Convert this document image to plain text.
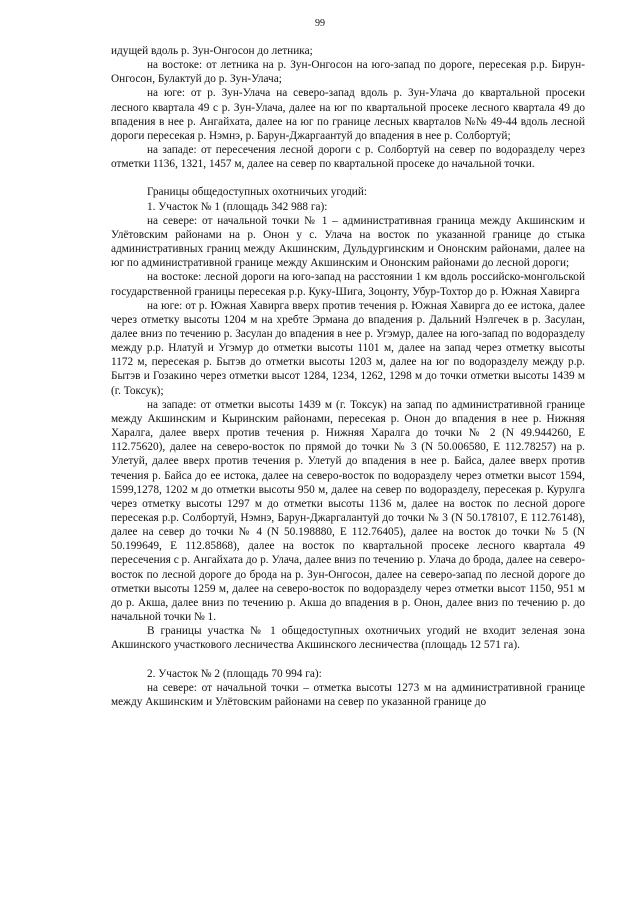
99

идущей вдоль р. Зун-Онгосон до летника;

на востоке: от летника на р. Зун-Онгосон на юго-запад по дороге, пересекая р.р. Бирун-Онгосон, Булактуй до р. Зун-Улача;

на юге: от р. Зун-Улача на северо-запад вдоль р. Зун-Улача до квартальной просеки лесного квартала 49 с р. Зун-Улача, далее на юг по квартальной просеке лесного квартала 49 до впадения в нее р. Ангайхата, далее на юг по границе лесных кварталов №№ 49-44 вдоль лесной дороги пересекая р. Нэмнэ, р. Барун-Джаргаантуй до впадения в нее р. Солбортуй;

на западе: от пересечения лесной дороги с р. Солбортуй на север по водоразделу через отметки 1136, 1321, 1457 м, далее на север по квартальной просеке до начальной точки.

Границы общедоступных охотничьих угодий:

1. Участок № 1 (площадь 342 988 га):

на севере: от начальной точки № 1 – административная граница между Акшинским и Улётовским районами на р. Онон у с. Улача на восток по указанной границе до стыка административных границ между Акшинским, Дульдургинским и Ононским районами, далее на юг по административной границе между Акшинским и Ононским районами до лесной дороги;

на востоке: лесной дороги на юго-запад на расстоянии 1 км вдоль российско-монгольской государственной границы пересекая р.р. Куку-Шига, Зоцонту, Убур-Тохтор до р. Южная Хавирга

на юге: от р. Южная Хавирга вверх против течения р. Южная Хавирга до ее истока, далее через отметку высоты 1204 м на хребте Эрмана до впадения р. Дальний Нэлгечек в р. Засулан, далее вниз по течению р. Засулан до впадения в нее р. Угэмур, далее на юго-запад по водоразделу между р.р. Нлатуй и Угэмур до отметки высоты 1101 м, далее на запад через отметку высоты 1172 м, пересекая р. Бытэв до отметки высоты 1203 м, далее на юг по водоразделу между р.р. Бытэв и Гозакино через отметки высот 1284, 1234, 1262, 1298 м до точки отметки высоты 1439 м (г. Токсук);

на западе: от отметки высоты 1439 м (г. Токсук) на запад по административной границе между Акшинским и Кыринским районами, пересекая р. Онон до впадения в нее р. Нижняя Харалга, далее вверх против течения р. Нижняя Харалга до точки № 2 (N 49.944260, E 112.75620), далее на северо-восток по прямой до точки № 3 (N 50.006580, E 112.78257) на р. Улетуй, далее вверх против течения р. Улетуй до впадения в нее р. Байса, далее вверх против течения р. Байса до ее истока, далее на северо-восток по водоразделу через отметки высот 1594, 1599,1278, 1202 м до отметки высоты 950 м, далее на север по водоразделу, пересекая р. Курулга через отметку высоты 1297 м до отметки высоты 1136 м, далее на восток по лесной дороге пересекая р.р. Солбортуй, Нэмнэ, Барун-Джаргалантуй до точки № 3 (N 50.178107, E 112.76148), далее на север до точки № 4 (N 50.198880, E 112.76405), далее на восток до точки № 5 (N 50.199649, E 112.85868), далее на восток по квартальной просеке лесного квартала 49 пересечения с р. Ангайхата до р. Улача, далее вниз по течению р. Улача до брода, далее на северо-восток по лесной дороге до брода на р. Зун-Онгосон, далее на северо-запад по лесной дороге до отметки высоты 1259 м, далее на северо-восток по водоразделу через отметки высот 1150, 951 м до р. Акша, далее вниз по течению р. Акша до впадения в р. Онон, далее вниз по течению р. до начальной точки № 1.

В границы участка № 1 общедоступных охотничьих угодий не входит зеленая зона Акшинского участкового лесничества Акшинского лесничества (площадь 12 571 га).

2. Участок № 2 (площадь 70 994 га):

на севере: от начальной точки – отметка высоты 1273 м на административной границе между Акшинским и Улётовским районами на север по указанной границе до
